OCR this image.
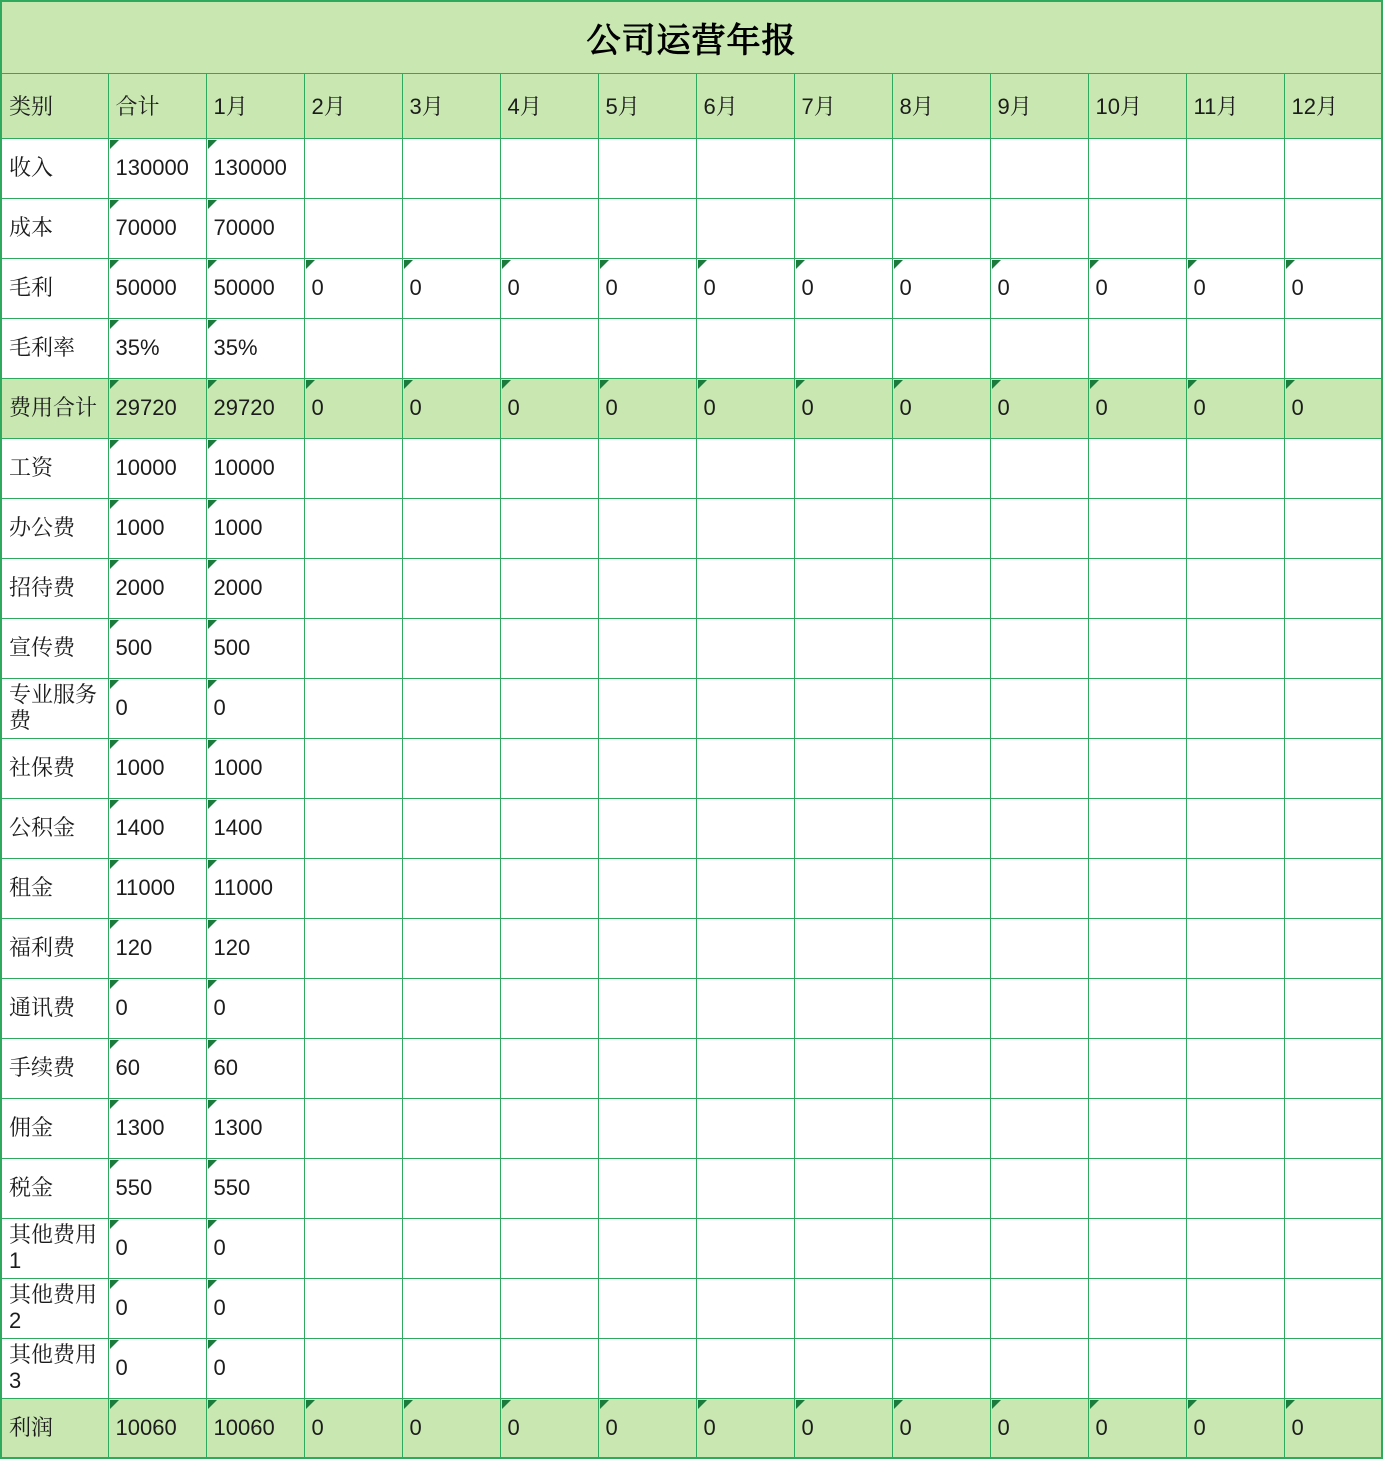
公司运营年报													
类别	合计	1月	2月	3月	4月	5月	6月	7月	8月	9月	10月	11月	12月
收入	130000	130000											
成本	70000	70000											
毛利	50000	50000	0	0	0	0	0	0	0	0	0	0	0
毛利率	35%	35%											
费用合计	29720	29720	0	0	0	0	0	0	0	0	0	0	0
工资	10000	10000											
办公费	1000	1000											
招待费	2000	2000											
宣传费	500	500											
专业服务费	0	0											
社保费	1000	1000											
公积金	1400	1400											
租金	11000	11000											
福利费	120	120											
通讯费	0	0											
手续费	60	60											
佣金	1300	1300											
税金	550	550											
其他费用1	0	0											
其他费用2	0	0											
其他费用3	0	0											
利润	10060	10060	0	0	0	0	0	0	0	0	0	0	0
